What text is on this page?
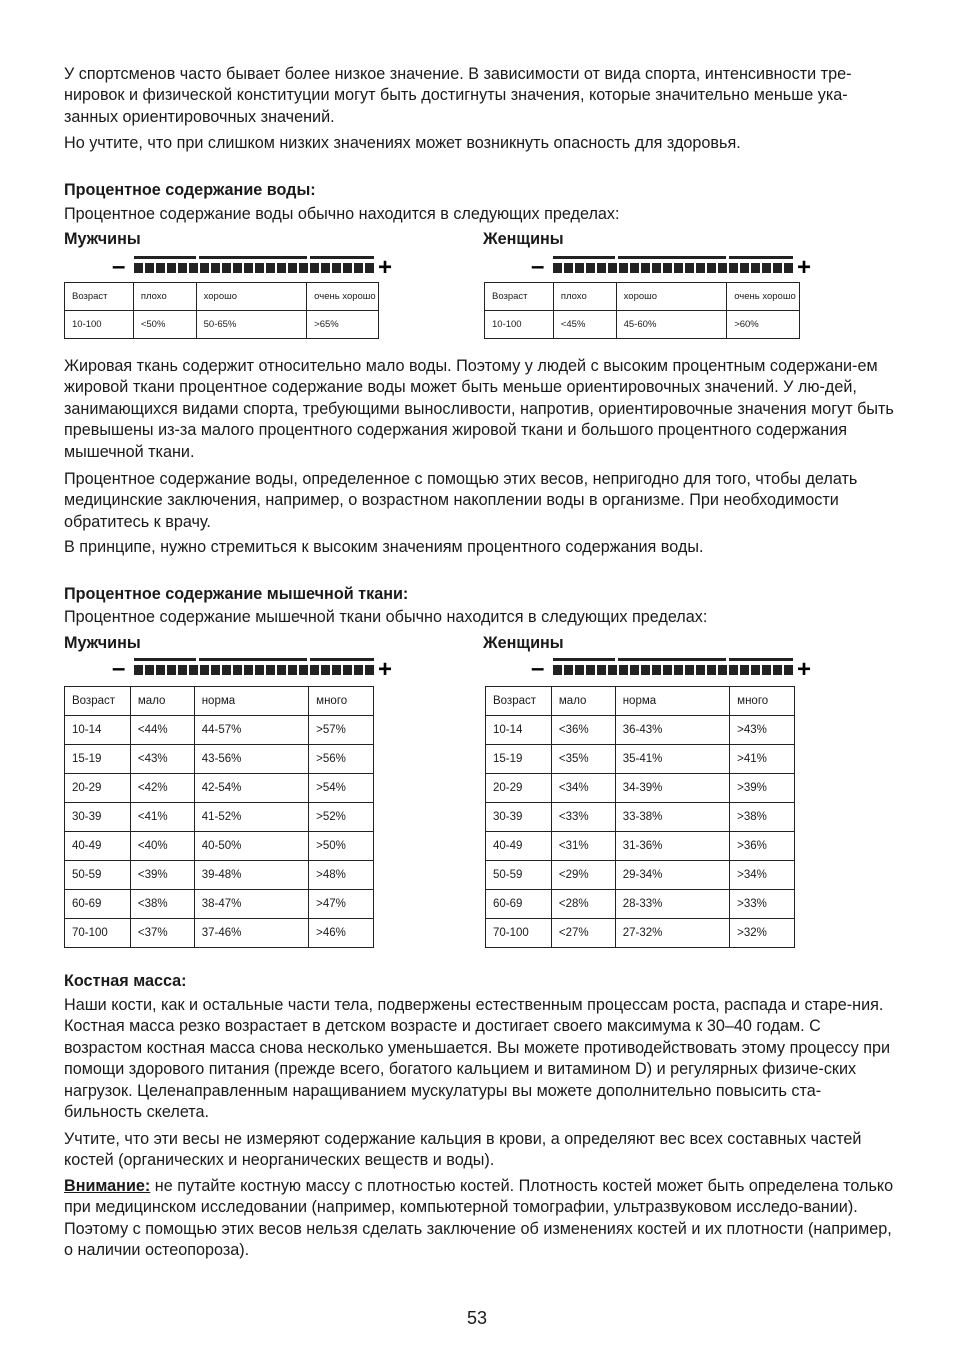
У спортсменов часто бывает более низкое значение. В зависимости от вида спорта, интенсивности тре-нировок и физической конституции могут быть достигнуты значения, которые значительно меньше ука-занных ориентировочных значений.

Но учтите, что при слишком низких значениях может возникнуть опасность для здоровья.

Процентное содержание воды:

Процентное содержание воды обычно находится в следующих пределах:

Мужчины	Женщины
–	+	–	+
Возраст	плохо	хорошо	очень хорошо
10-100	<50%	50-65%	>65%
Возраст	плохо	хорошо	очень хорошо
10-100	<45%	45-60%	>60%

Жировая ткань содержит относительно мало воды. Поэтому у людей с высоким процентным содержани-ем жировой ткани процентное содержание воды может быть меньше ориентировочных значений. У лю-дей, занимающихся видами спорта, требующими выносливости, напротив, ориентировочные значения могут быть превышены из-за малого процентного содержания жировой ткани и большого процентного содержания мышечной ткани.

Процентное содержание воды, определенное с помощью этих весов, непригодно для того, чтобы делать медицинские заключения, например, о возрастном накоплении воды в организме. При необходимости обратитесь к врачу.

В принципе, нужно стремиться к высоким значениям процентного содержания воды.

Процентное содержание мышечной ткани:

Процентное содержание мышечной ткани обычно находится в следующих пределах:

Мужчины	Женщины
–	+	–	+
Возраст	мало	норма	много
10-14	<44%	44-57%	>57%
15-19	<43%	43-56%	>56%
20-29	<42%	42-54%	>54%
30-39	<41%	41-52%	>52%
40-49	<40%	40-50%	>50%
50-59	<39%	39-48%	>48%
60-69	<38%	38-47%	>47%
70-100	<37%	37-46%	>46%
Возраст	мало	норма	много
10-14	<36%	36-43%	>43%
15-19	<35%	35-41%	>41%
20-29	<34%	34-39%	>39%
30-39	<33%	33-38%	>38%
40-49	<31%	31-36%	>36%
50-59	<29%	29-34%	>34%
60-69	<28%	28-33%	>33%
70-100	<27%	27-32%	>32%

Костная масса:

Наши кости, как и остальные части тела, подвержены естественным процессам роста, распада и старе-ния. Костная масса резко возрастает в детском возрасте и достигает своего максимума к 30–40 годам. С возрастом костная масса снова несколько уменьшается. Вы можете противодействовать этому процессу при помощи здорового питания (прежде всего, богатого кальцием и витамином D) и регулярных физиче-ских нагрузок. Целенаправленным наращиванием мускулатуры вы можете дополнительно повысить ста-бильность скелета.

Учтите, что эти весы не измеряют содержание кальция в крови, а определяют вес всех составных частей костей (органических и неорганических веществ и воды).

Внимание: не путайте костную массу с плотностью костей. Плотность костей может быть определена только при медицинском исследовании (например, компьютерной томографии, ультразвуковом исследо-вании). Поэтому с помощью этих весов нельзя сделать заключение об изменениях костей и их плотности (например, о наличии остеопороза).

53
